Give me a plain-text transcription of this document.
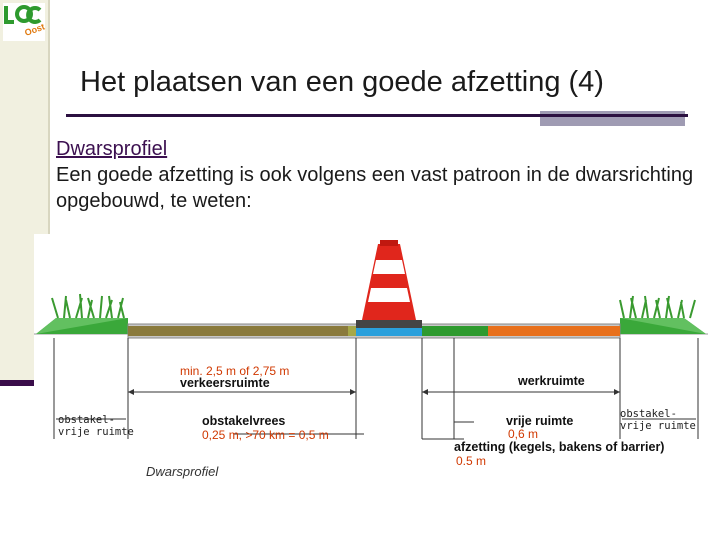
Oost
Het plaatsen van een goede afzetting (4)
Dwarsprofiel
Een goede afzetting is ook volgens een vast patroon in de dwarsrichting opgebouwd, te weten:
min. 2,5 m of 2,75 m
verkeersruimte	werkruimte
obstakel-
vrije ruimte
obstakel-
vrije ruimte
obstakelvrees
0,25 m, >70 km = 0,5 m
vrije ruimte
0,6 m
afzetting (kegels, bakens of barrier)
0.5 m
Dwarsprofiel
